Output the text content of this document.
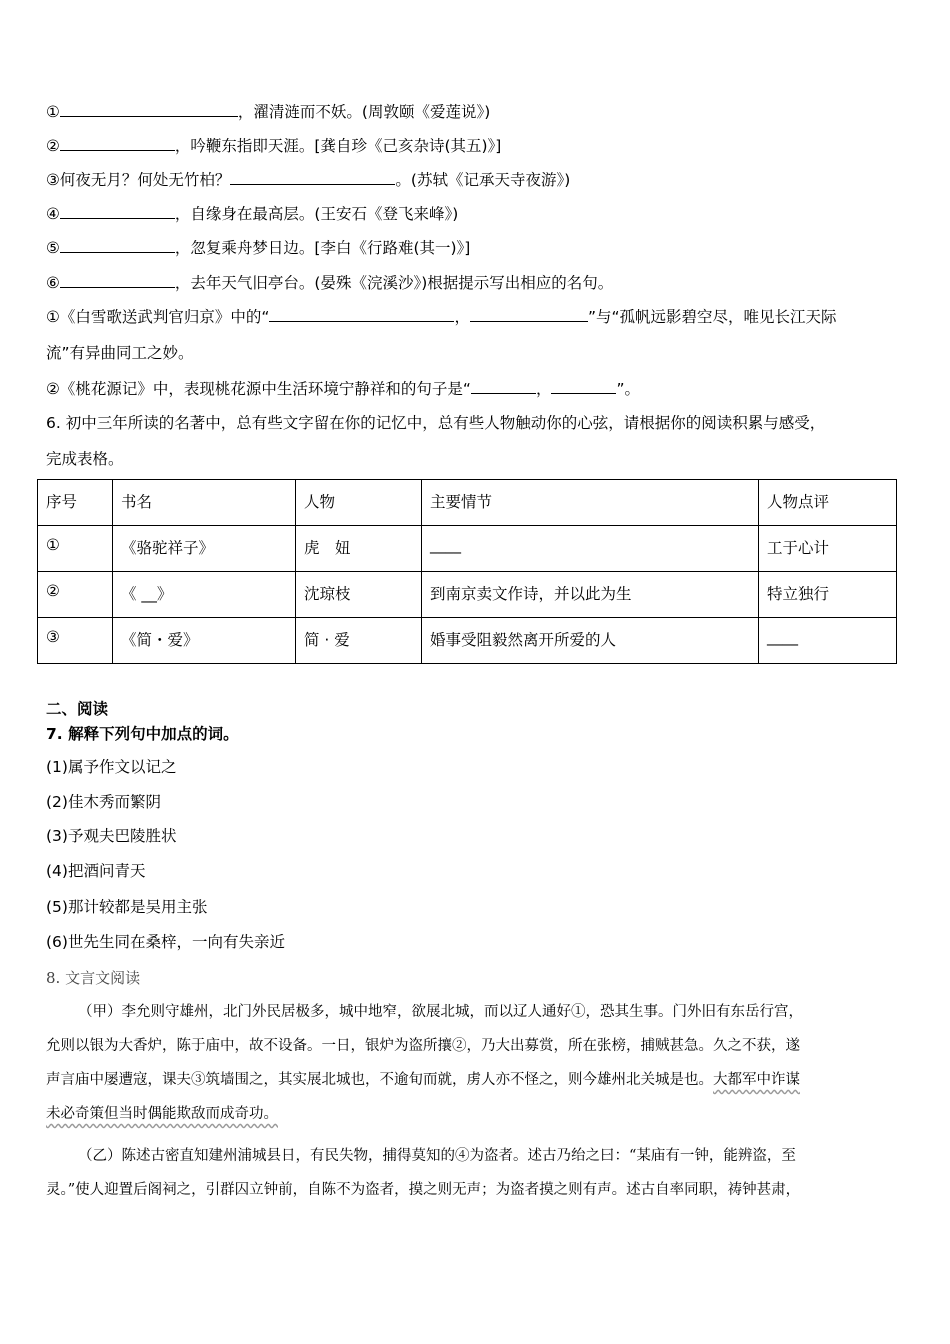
①	，濯清涟而不妖。(周敦颐《爱莲说》)
②	，吟鞭东指即天涯。[龚自珍《己亥杂诗(其五)》]
③何夜无月？何处无竹柏？	。(苏轼《记承天寺夜游》)
④	，自缘身在最高层。(王安石《登飞来峰》)
⑤	，忽复乘舟梦日边。[李白《行路难(其一)》]
⑥	，去年天气旧亭台。(晏殊《浣溪沙》)根据提示写出相应的名句。
①《白雪歌送武判官归京》中的“	，	”与“孤帆远影碧空尽，唯见长江天际
流”有异曲同工之妙。
②《桃花源记》中，表现桃花源中生活环境宁静祥和的句子是“	，	”。
6. 初中三年所读的名著中，总有些文字留在你的记忆中，总有些人物触动你的心弦，请根据你的阅读积累与感受，
完成表格。
序号	书名	人物	主要情节	人物点评
①	《骆驼祥子》	虎　妞	____	工于心计
②	《 __》	沈琼枝	到南京卖文作诗，并以此为生	特立独行
③	《简・爱》	简 · 爱	婚事受阻毅然离开所爱的人	____
二、阅读
7. 解释下列句中加点的词。
(1)属予作文以记之
(2)佳木秀而繁阴
(3)予观夫巴陵胜状
(4)把酒问青天
(5)那计较都是吴用主张
(6)世先生同在桑梓，一向有失亲近
8. 文言文阅读
（甲）李允则守雄州，北门外民居极多，城中地窄，欲展北城，而以辽人通好①，恐其生事。门外旧有东岳行宫，
允则以银为大香炉，陈于庙中，故不设备。一日，银炉为盗所攘②，乃大出募赏，所在张榜，捕贼甚急。久之不获，遂
声言庙中屡遭寇，课夫③筑墙围之，其实展北城也，不逾旬而就，虏人亦不怪之，则今雄州北关城是也。大都军中诈谋
未必奇策但当时偶能欺敌而成奇功。
（乙）陈述古密直知建州浦城县日，有民失物，捕得莫知的④为盗者。述古乃绐之曰：“某庙有一钟，能辨盗，至
灵。”使人迎置后阁祠之，引群囚立钟前，自陈不为盗者，摸之则无声；为盗者摸之则有声。述古自率同职，祷钟甚肃，
